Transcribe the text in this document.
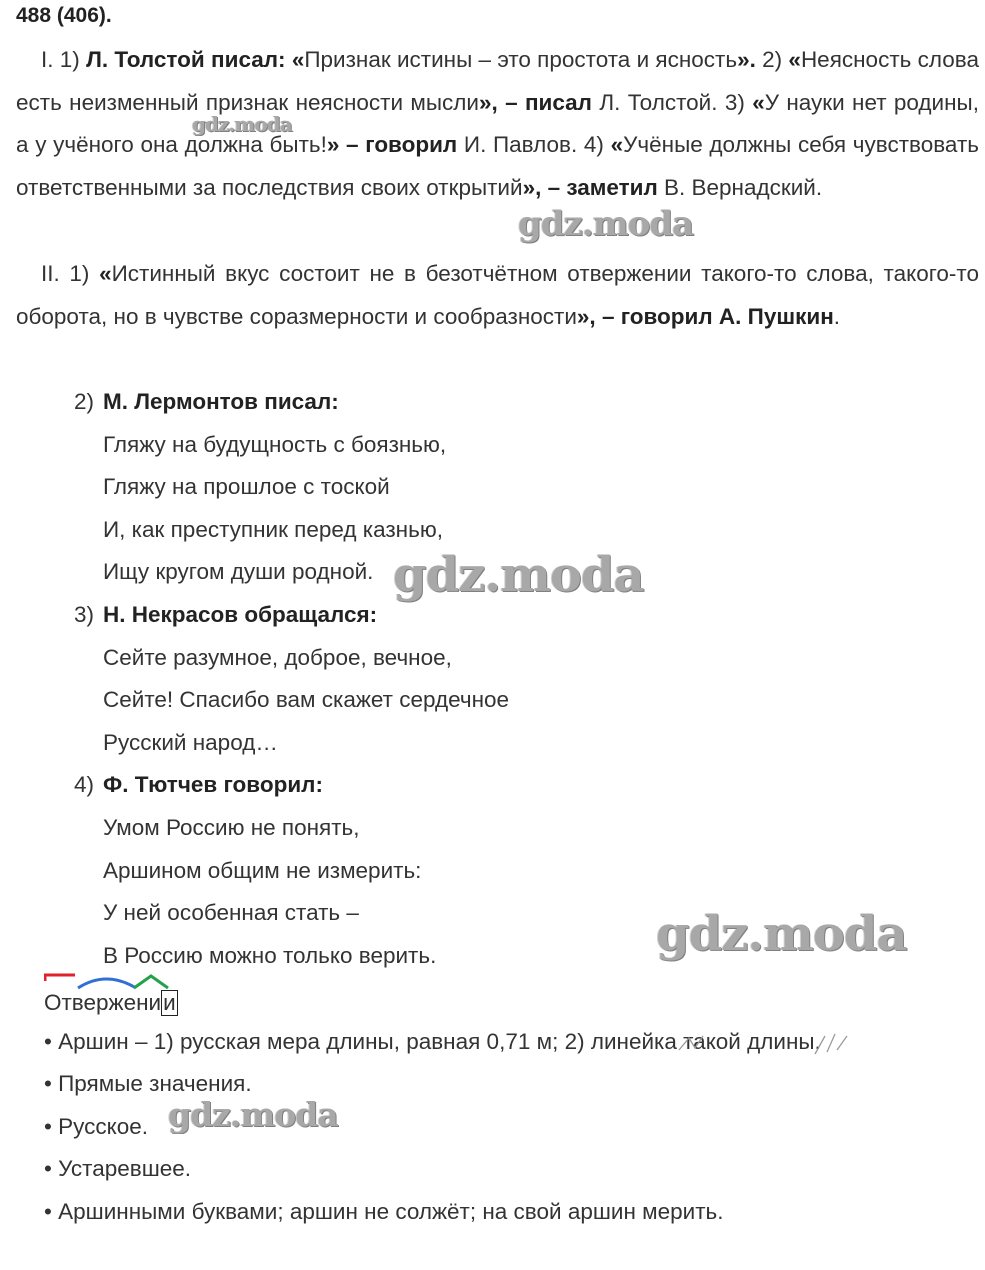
488 (406).
I. 1) Л. Толстой писал: «Признак истины – это простота и ясность». 2) «Неясность слова есть неизменный признак неясности мысли», – писал Л. Толстой. 3) «У науки нет родины, а у учёного она должна быть!» – говорил И. Павлов. 4) «Учёные должны себя чувствовать ответственными за последствия своих открытий», – заметил В. Вернадский.
II. 1) «Истинный вкус состоит не в безотчётном отвержении такого-то слова, такого-то оборота, но в чувстве соразмерности и сообразности», – говорил А. Пушкин.
2) М. Лермонтов писал:
Гляжу на будущность с боязнью,
Гляжу на прошлое с тоской
И, как преступник перед казнью,
Ищу кругом души родной.
3) Н. Некрасов обращался:
Сейте разумное, доброе, вечное,
Сейте! Спасибо вам скажет сердечное
Русский народ…
4) Ф. Тютчев говорил:
Умом Россию не понять,
Аршином общим не измерить:
У ней особенная стать –
В Россию можно только верить.
Отвержении
• Аршин – 1) русская мера длины, равная 0,71 м; 2) линейка такой длины.
• Прямые значения.
• Русское.
• Устаревшее.
• Аршинными буквами; аршин не солжёт; на свой аршин мерить.
gdz.moda
gdz.moda
gdz.moda
gdz.moda
gdz.moda
